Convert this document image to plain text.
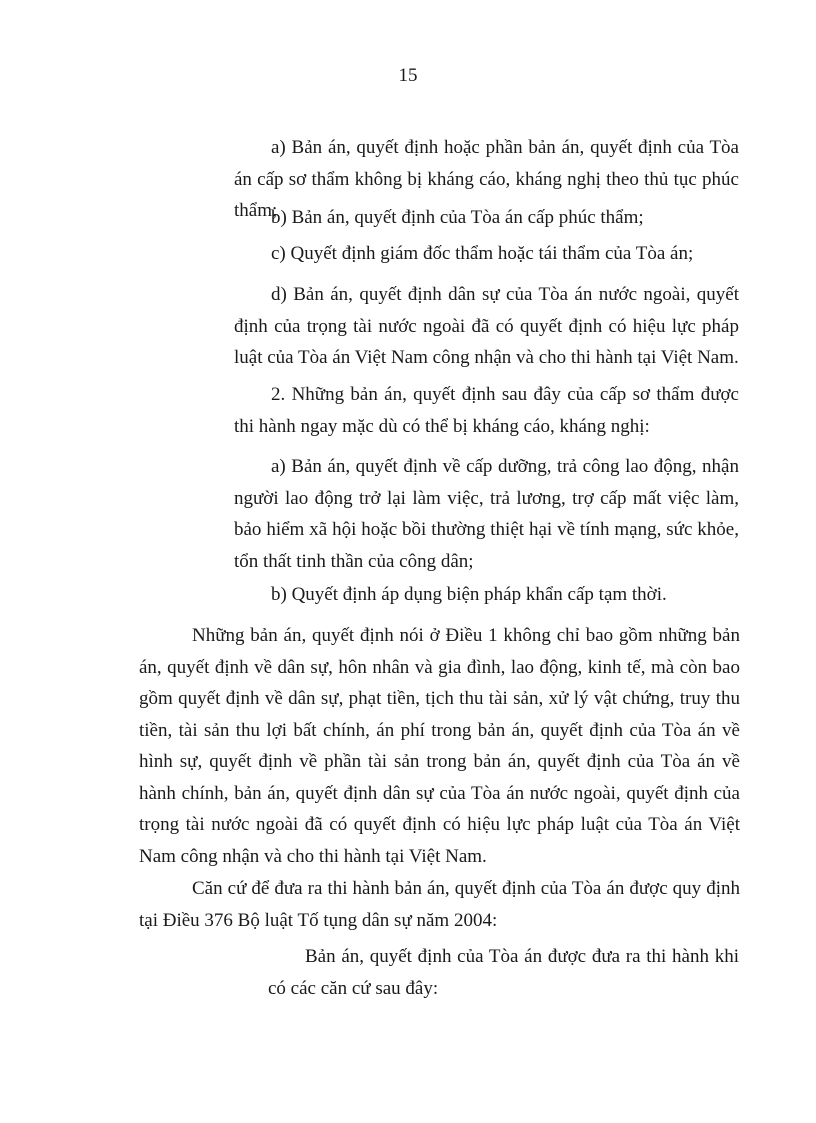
15

a) Bản án, quyết định hoặc phần bản án, quyết định của Tòa án cấp sơ thẩm không bị kháng cáo, kháng nghị theo thủ tục phúc thẩm;

b) Bản án, quyết định của Tòa án cấp phúc thẩm;

c) Quyết định giám đốc thẩm hoặc tái thẩm của Tòa án;

d) Bản án, quyết định dân sự của Tòa án nước ngoài, quyết định của trọng tài nước ngoài đã có quyết định có hiệu lực pháp luật của Tòa án Việt Nam công nhận và cho thi hành tại Việt Nam.

2. Những bản án, quyết định sau đây của cấp sơ thẩm được thi hành ngay mặc dù có thể bị kháng cáo, kháng nghị:

a) Bản án, quyết định về cấp dưỡng, trả công lao động, nhận người lao động trở lại làm việc, trả lương, trợ cấp mất việc làm, bảo hiểm xã hội hoặc bồi thường thiệt hại về tính mạng, sức khỏe, tổn thất tinh thần của công dân;

b) Quyết định áp dụng biện pháp khẩn cấp tạm thời.

Những bản án, quyết định nói ở Điều 1 không chỉ bao gồm những bản án, quyết định về dân sự, hôn nhân và gia đình, lao động, kinh tế, mà còn bao gồm quyết định về dân sự, phạt tiền, tịch thu tài sản, xử lý vật chứng, truy thu tiền, tài sản thu lợi bất chính, án phí trong bản án, quyết định của Tòa án về hình sự, quyết định về phần tài sản trong bản án, quyết định của Tòa án về hành chính, bản án, quyết định dân sự của Tòa án nước ngoài, quyết định của trọng tài nước ngoài đã có quyết định có hiệu lực pháp luật của Tòa án Việt Nam công nhận và cho thi hành tại Việt Nam.

Căn cứ để đưa ra thi hành bản án, quyết định của Tòa án được quy định tại Điều 376 Bộ luật Tố tụng dân sự năm 2004:

Bản án, quyết định của Tòa án được đưa ra thi hành khi có các căn cứ sau đây:
